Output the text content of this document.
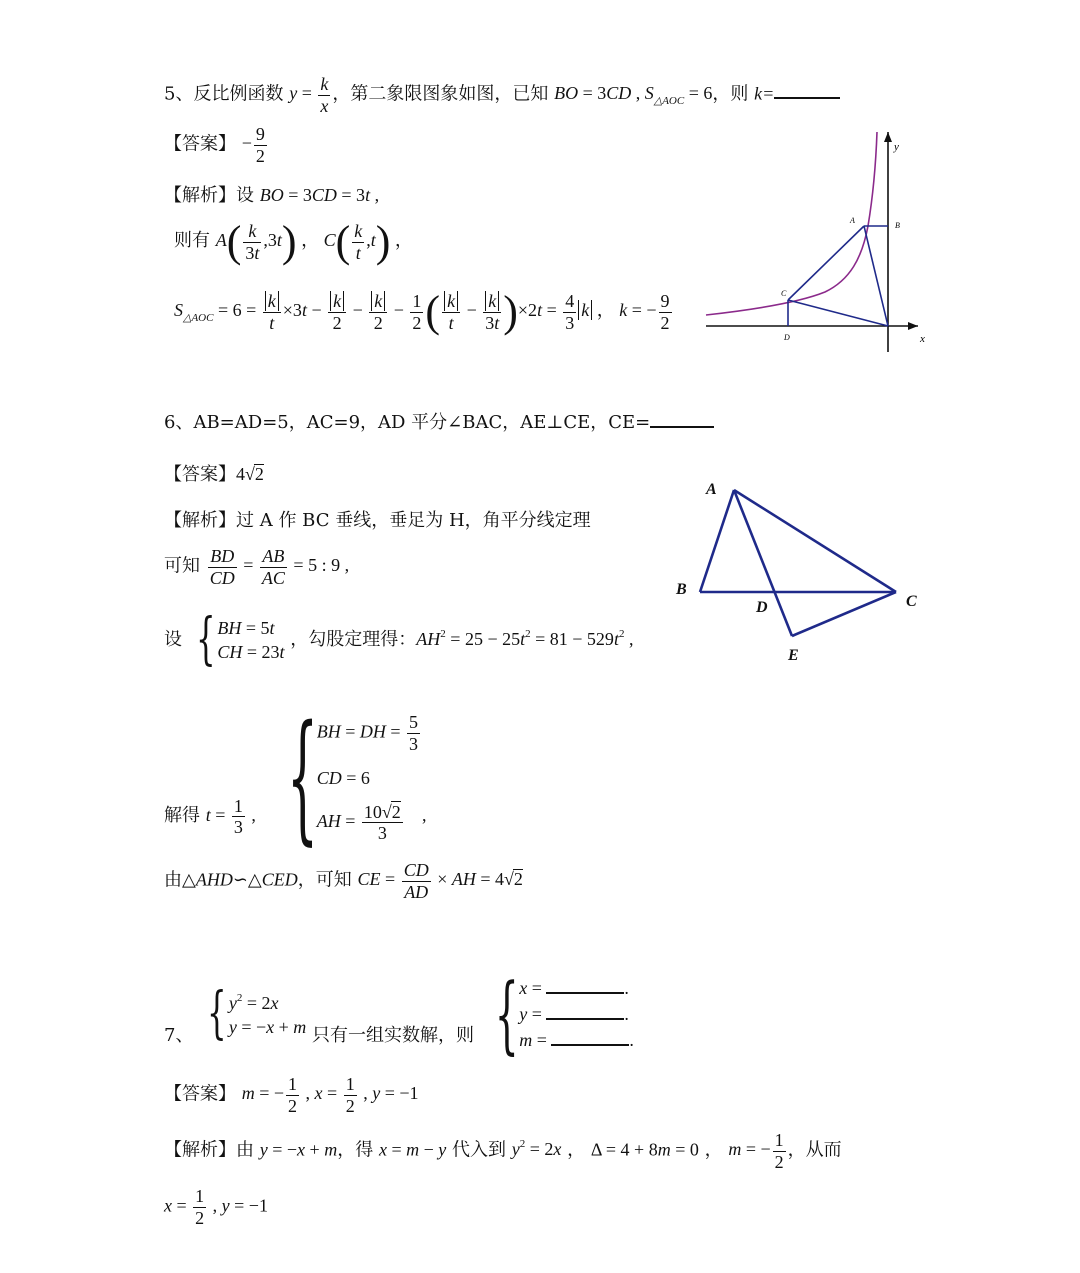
5、反比例函数 $y = \frac{k}{x}$ ，第二象限图象如图，已知 BO = 3CD , $S_{\triangle AOC} = 6$，则 k=
【答案】 − $\frac{9}{2}$
【解析】设 BO = 3CD = 3t ,
则有 $A( \frac{k}{3t} ,3t)$ ， $C( \frac{k}{t} ,t)$ ，
$S_{\triangle AOC} = 6 = \frac{k}{t} \times 3t - \frac{k}{2} - \frac{k}{2} - \frac{1}{2}$ ( $\frac{k}{t} - \frac{k}{3t} )\times 2t = \frac{4}{3}$ k ， k = − $\frac{9}{2}$
y
x
A
B
C
D
6、AB=AD=5，AC=9，AD 平分∠BAC，AE⊥CE，CE=
【答案】4√2
【解析】过 A 作 BC 垂线，垂足为 H，角平分线定理
可知 $\frac{BD}{CD} = \frac{AB}{AC} = 5$ : 9 ,
设 { BH = 5t
CH = 23t
，勾股定理得：$AH^2 = 25 - 25t^2 = 81 - 529t^2$ ,
解得 $t = \frac{1}{3}$ , {
BH = DH = $\frac{5}{3}$
CD = 6
AH = $\frac{10√2}{3}$ ,
由△AHD∽△CED，可知 CE = $\frac{CD}{AD}$ × AH = 4√2
A
B
C
D
E
7、 { $y^2 = 2x$
y = −x + m 只有一组实数解，则 { x =	.
y =	.
m =	.
【答案】 m = − $\frac{1}{2}$ , $x = \frac{1}{2}$ , y = −1
【解析】由 y = −x + m，得 x = m − y 代入到 $y^2 = 2x$ ， Δ = 4 + 8m = 0 ， m = − $\frac{1}{2}$ ，从而
$x = \frac{1}{2}$ , y = −1
